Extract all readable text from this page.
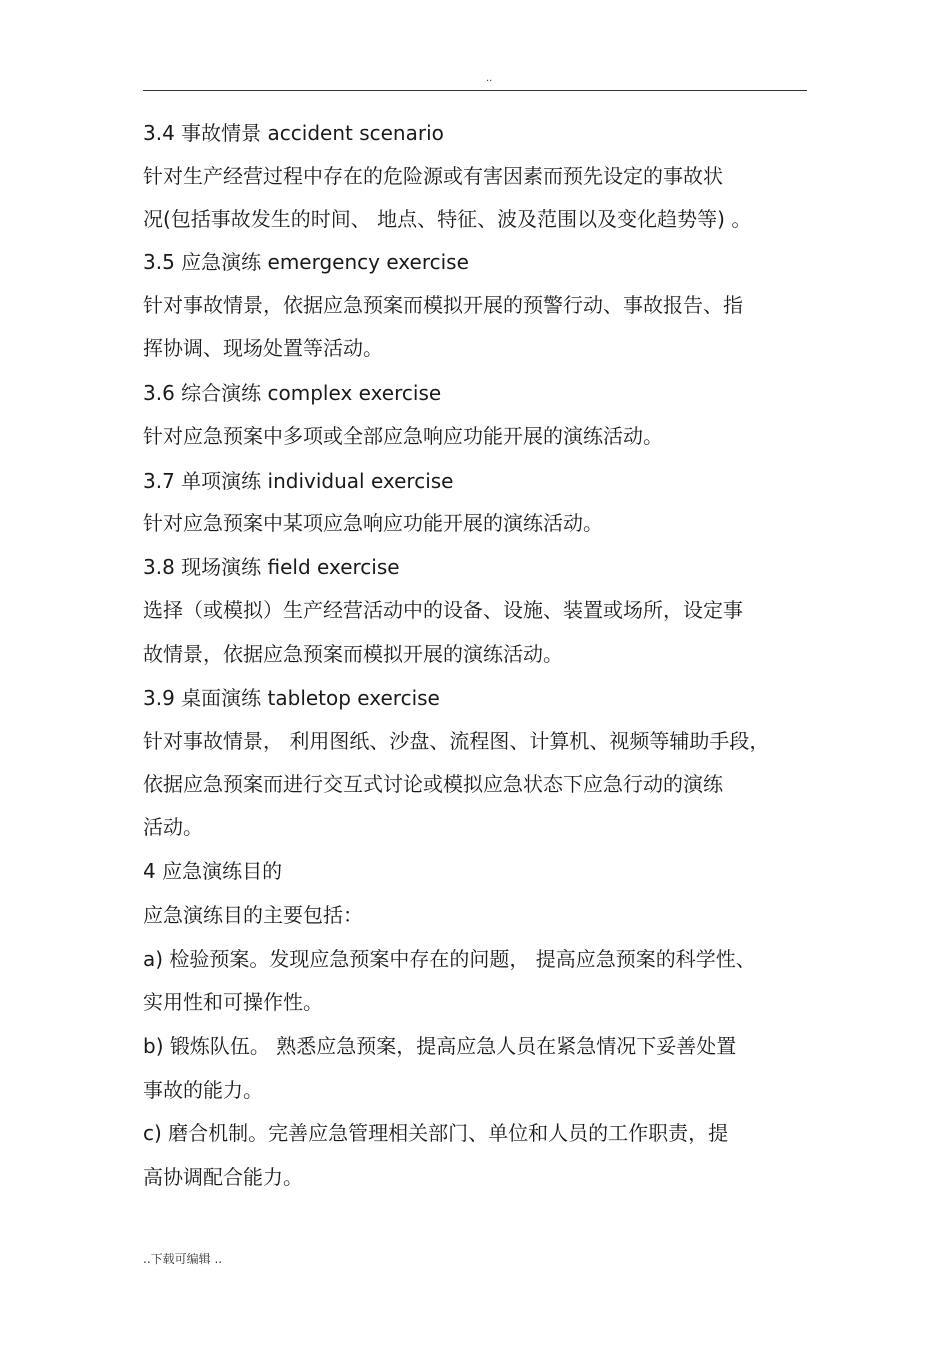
..
3.4 事故情景 accident scenario
针对生产经营过程中存在的危险源或有害因素而预先设定的事故状
况(包括事故发生的时间、 地点、特征、波及范围以及变化趋势等) 。
3.5 应急演练 emergency exercise
针对事故情景，依据应急预案而模拟开展的预警行动、事故报告、指
挥协调、现场处置等活动。
3.6 综合演练 complex exercise
针对应急预案中多项或全部应急响应功能开展的演练活动。
3.7 单项演练 individual exercise
针对应急预案中某项应急响应功能开展的演练活动。
3.8 现场演练 field exercise
选择（或模拟）生产经营活动中的设备、设施、装置或场所，设定事
故情景，依据应急预案而模拟开展的演练活动。
3.9 桌面演练 tabletop exercise
针对事故情景， 利用图纸、沙盘、流程图、计算机、视频等辅助手段，
依据应急预案而进行交互式讨论或模拟应急状态下应急行动的演练
活动。
4 应急演练目的
应急演练目的主要包括：
a) 检验预案。发现应急预案中存在的问题， 提高应急预案的科学性、
实用性和可操作性。
b) 锻炼队伍。 熟悉应急预案，提高应急人员在紧急情况下妥善处置
事故的能力。
c) 磨合机制。完善应急管理相关部门、单位和人员的工作职责，提
高协调配合能力。
..下载可编辑 ..
